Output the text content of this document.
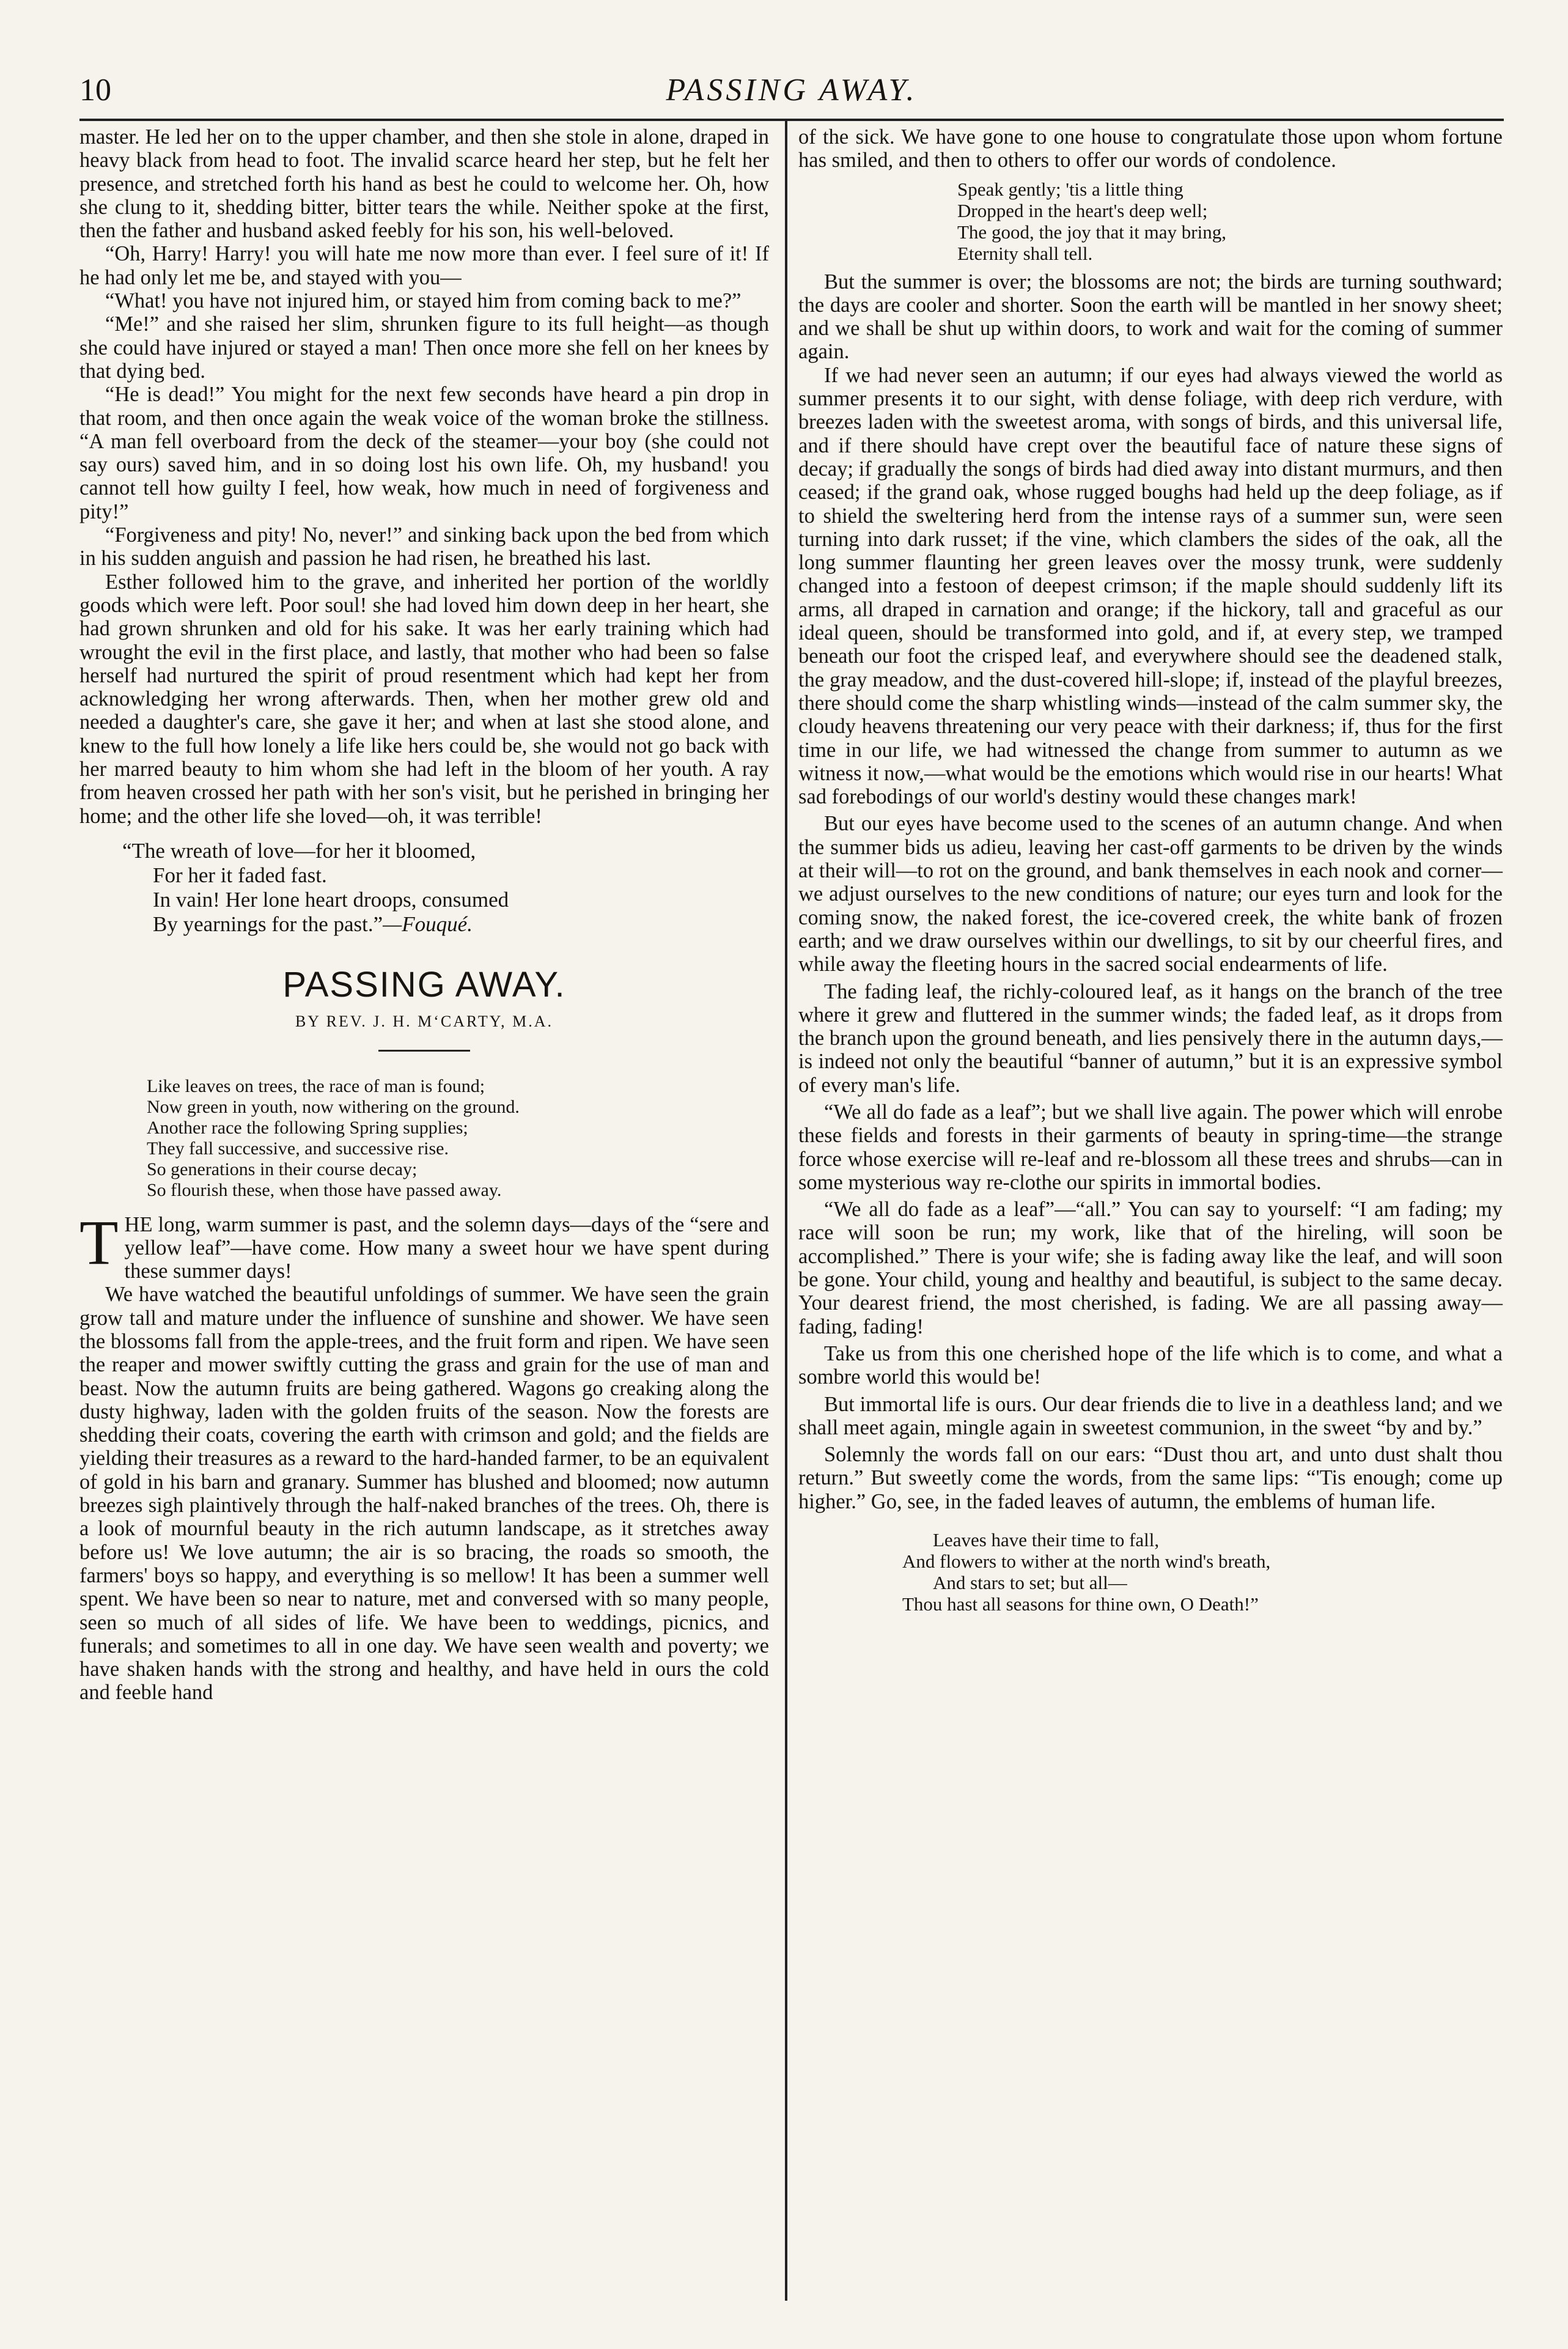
10	PASSING AWAY.

master. He led her on to the upper chamber, and then she stole in alone, draped in heavy black from head to foot. The invalid scarce heard her step, but he felt her presence, and stretched forth his hand as best he could to welcome her. Oh, how she clung to it, shedding bitter, bitter tears the while. Neither spoke at the first, then the father and husband asked feebly for his son, his well-beloved.

“Oh, Harry! Harry! you will hate me now more than ever. I feel sure of it! If he had only let me be, and stayed with you—

“What! you have not injured him, or stayed him from coming back to me?”

“Me!” and she raised her slim, shrunken figure to its full height—as though she could have injured or stayed a man! Then once more she fell on her knees by that dying bed.

“He is dead!” You might for the next few seconds have heard a pin drop in that room, and then once again the weak voice of the woman broke the stillness. “A man fell overboard from the deck of the steamer—your boy (she could not say ours) saved him, and in so doing lost his own life. Oh, my husband! you cannot tell how guilty I feel, how weak, how much in need of forgiveness and pity!”

“Forgiveness and pity! No, never!” and sinking back upon the bed from which in his sudden anguish and passion he had risen, he breathed his last.

Esther followed him to the grave, and inherited her portion of the worldly goods which were left. Poor soul! she had loved him down deep in her heart, she had grown shrunken and old for his sake. It was her early training which had wrought the evil in the first place, and lastly, that mother who had been so false herself had nurtured the spirit of proud resentment which had kept her from acknowledging her wrong afterwards. Then, when her mother grew old and needed a daughter's care, she gave it her; and when at last she stood alone, and knew to the full how lonely a life like hers could be, she would not go back with her marred beauty to him whom she had left in the bloom of her youth. A ray from heaven crossed her path with her son's visit, but he perished in bringing her home; and the other life she loved—oh, it was terrible!

“The wreath of love—for her it bloomed,
For her it faded fast.
In vain! Her lone heart droops, consumed
By yearnings for the past.”—Fouqué.
PASSING AWAY.
BY REV. J. H. M‘CARTY, M.A.
Like leaves on trees, the race of man is found;
Now green in youth, now withering on the ground.
Another race the following Spring supplies;
They fall successive, and successive rise.
So generations in their course decay;
So flourish these, when those have passed away.

THE long, warm summer is past, and the solemn days—days of the “sere and yellow leaf”—have come. How many a sweet hour we have spent during these summer days!

We have watched the beautiful unfoldings of summer. We have seen the grain grow tall and mature under the influence of sunshine and shower. We have seen the blossoms fall from the apple-trees, and the fruit form and ripen. We have seen the reaper and mower swiftly cutting the grass and grain for the use of man and beast. Now the autumn fruits are being gathered. Wagons go creaking along the dusty highway, laden with the golden fruits of the season. Now the forests are shedding their coats, covering the earth with crimson and gold; and the fields are yielding their treasures as a reward to the hard-handed farmer, to be an equivalent of gold in his barn and granary. Summer has blushed and bloomed; now autumn breezes sigh plaintively through the half-naked branches of the trees. Oh, there is a look of mournful beauty in the rich autumn landscape, as it stretches away before us! We love autumn; the air is so bracing, the roads so smooth, the farmers' boys so happy, and everything is so mellow! It has been a summer well spent. We have been so near to nature, met and conversed with so many people, seen so much of all sides of life. We have been to weddings, picnics, and funerals; and sometimes to all in one day. We have seen wealth and poverty; we have shaken hands with the strong and healthy, and have held in ours the cold and feeble hand

of the sick. We have gone to one house to congratulate those upon whom fortune has smiled, and then to others to offer our words of condolence.

Speak gently; 'tis a little thing
Dropped in the heart's deep well;
The good, the joy that it may bring,
Eternity shall tell.

But the summer is over; the blossoms are not; the birds are turning southward; the days are cooler and shorter. Soon the earth will be mantled in her snowy sheet; and we shall be shut up within doors, to work and wait for the coming of summer again.

If we had never seen an autumn; if our eyes had always viewed the world as summer presents it to our sight, with dense foliage, with deep rich verdure, with breezes laden with the sweetest aroma, with songs of birds, and this universal life, and if there should have crept over the beautiful face of nature these signs of decay; if gradually the songs of birds had died away into distant murmurs, and then ceased; if the grand oak, whose rugged boughs had held up the deep foliage, as if to shield the sweltering herd from the intense rays of a summer sun, were seen turning into dark russet; if the vine, which clambers the sides of the oak, all the long summer flaunting her green leaves over the mossy trunk, were suddenly changed into a festoon of deepest crimson; if the maple should suddenly lift its arms, all draped in carnation and orange; if the hickory, tall and graceful as our ideal queen, should be transformed into gold, and if, at every step, we tramped beneath our foot the crisped leaf, and everywhere should see the deadened stalk, the gray meadow, and the dust-covered hill-slope; if, instead of the playful breezes, there should come the sharp whistling winds—instead of the calm summer sky, the cloudy heavens threatening our very peace with their darkness; if, thus for the first time in our life, we had witnessed the change from summer to autumn as we witness it now,—what would be the emotions which would rise in our hearts! What sad forebodings of our world's destiny would these changes mark!

But our eyes have become used to the scenes of an autumn change. And when the summer bids us adieu, leaving her cast-off garments to be driven by the winds at their will—to rot on the ground, and bank themselves in each nook and corner—we adjust ourselves to the new conditions of nature; our eyes turn and look for the coming snow, the naked forest, the ice-covered creek, the white bank of frozen earth; and we draw ourselves within our dwellings, to sit by our cheerful fires, and while away the fleeting hours in the sacred social endearments of life.

The fading leaf, the richly-coloured leaf, as it hangs on the branch of the tree where it grew and fluttered in the summer winds; the faded leaf, as it drops from the branch upon the ground beneath, and lies pensively there in the autumn days,—is indeed not only the beautiful “banner of autumn,” but it is an expressive symbol of every man's life.

“We all do fade as a leaf”; but we shall live again. The power which will enrobe these fields and forests in their garments of beauty in spring-time—the strange force whose exercise will re-leaf and re-blossom all these trees and shrubs—can in some mysterious way re-clothe our spirits in immortal bodies.

“We all do fade as a leaf”—“all.” You can say to yourself: “I am fading; my race will soon be run; my work, like that of the hireling, will soon be accomplished.” There is your wife; she is fading away like the leaf, and will soon be gone. Your child, young and healthy and beautiful, is subject to the same decay. Your dearest friend, the most cherished, is fading. We are all passing away—fading, fading!

Take us from this one cherished hope of the life which is to come, and what a sombre world this would be!

But immortal life is ours. Our dear friends die to live in a deathless land; and we shall meet again, mingle again in sweetest communion, in the sweet “by and by.”

Solemnly the words fall on our ears: “Dust thou art, and unto dust shalt thou return.” But sweetly come the words, from the same lips: “'Tis enough; come up higher.” Go, see, in the faded leaves of autumn, the emblems of human life.

Leaves have their time to fall,
And flowers to wither at the north wind's breath,
And stars to set; but all—
Thou hast all seasons for thine own, O Death!”
